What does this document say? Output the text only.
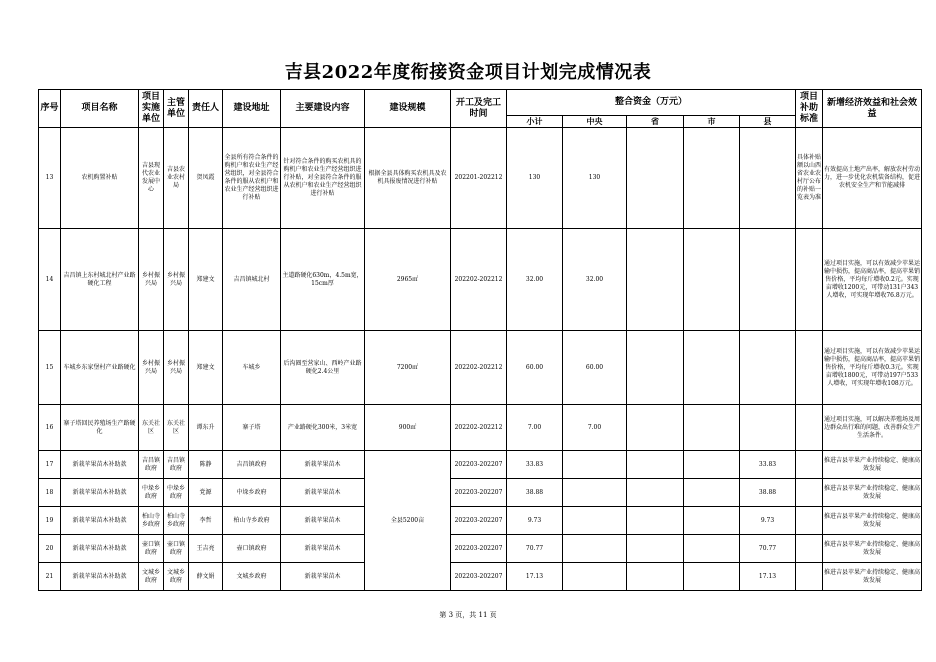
吉县2022年度衔接资金项目计划完成情况表
序号	项目名称	项目实施单位	主管单位	责任人	建设地址	主要建设内容	建设规模	开工及完工时间	整合资金（万元）					项目补助标准	新增经济效益和社会效益
									小计	中央	省	市	县		
13	农机购置补贴	吉县现代农业发展中心	吉县农业农村局	贺凤霞	全县所有符合条件的购机户和农业生产经营组织，对全县符合条件的服从农机户和农业生产经营组织进行补贴	针对符合条件的购买农机具的购机户和农业生产经营组织进行补贴，对全县符合条件的服从农机户和农业生产经营组织进行补贴	根据全县具体购买农机具及农机具报废情况进行补贴	202201-202212	130	130				具体补贴额以山西省农业农村厅公布的补贴一览表为准	有效提高土地产出率，解放农村劳动力，进一步优化农机装备结构，促进农机安全生产和节能减排
14	吉昌镇上东村城北村产业路硬化工程	乡村振兴局	乡村振兴局	郑建文	吉昌镇城北村	主道路硬化630m，4.5m宽，15cm厚	2965㎡	202202-202212	32.00	32.00					通过项目实施，可以有效减少苹果运输中损伤，提高商品率，提高苹果销售价格，平均每斤增收0.2元。实现亩增收1200元，可带动131户343人增收，可实现年增收76.8万元。
15	车城乡东家堡村产业路硬化	乡村振兴局	乡村振兴局	郑建文	车城乡	后沟圈至营家山、西岭产业路硬化2.4公里	7200㎡	202202-202212	60.00	60.00					通过项目实施，可以有效减少苹果运输中损伤，提高商品率，提高苹果销售价格，平均每斤增收0.3元。实现亩增收1800元，可带动197户533人增收，可实现年增收108万元。
16	寨子塔回民养殖场生产路硬化	东关社区	东关社区	谭东升	寨子塔	产业路硬化300米，3米宽	900㎡	202202-202212	7.00	7.00					通过项目实施，可以解决养殖场及周边群众出行难的问题，改善群众生产生活条件。
17	新栽苹果苗木补助款	吉昌镇政府	吉昌镇政府	陈静	吉昌镇政府	新栽苹果苗木	全县5200亩	202203-202207	33.83				33.83		推进吉县苹果产业持续稳定、健康高效发展
18	新栽苹果苗木补助款	中垛乡政府	中垛乡政府	党源	中垛乡政府	新栽苹果苗木		202203-202207	38.88				38.88		推进吉县苹果产业持续稳定、健康高效发展
19	新栽苹果苗木补助款	柏山寺乡政府	柏山寺乡政府	李哲	柏山寺乡政府	新栽苹果苗木		202203-202207	9.73				9.73		推进吉县苹果产业持续稳定、健康高效发展
20	新栽苹果苗木补助款	壶口镇政府	壶口镇政府	王吉亮	壶口镇政府	新栽苹果苗木		202203-202207	70.77				70.77		推进吉县苹果产业持续稳定、健康高效发展
21	新栽苹果苗木补助款	文城乡政府	文城乡政府	薛文娟	文城乡政府	新栽苹果苗木		202203-202207	17.13				17.13		推进吉县苹果产业持续稳定、健康高效发展
第 3 页，共 11 页
